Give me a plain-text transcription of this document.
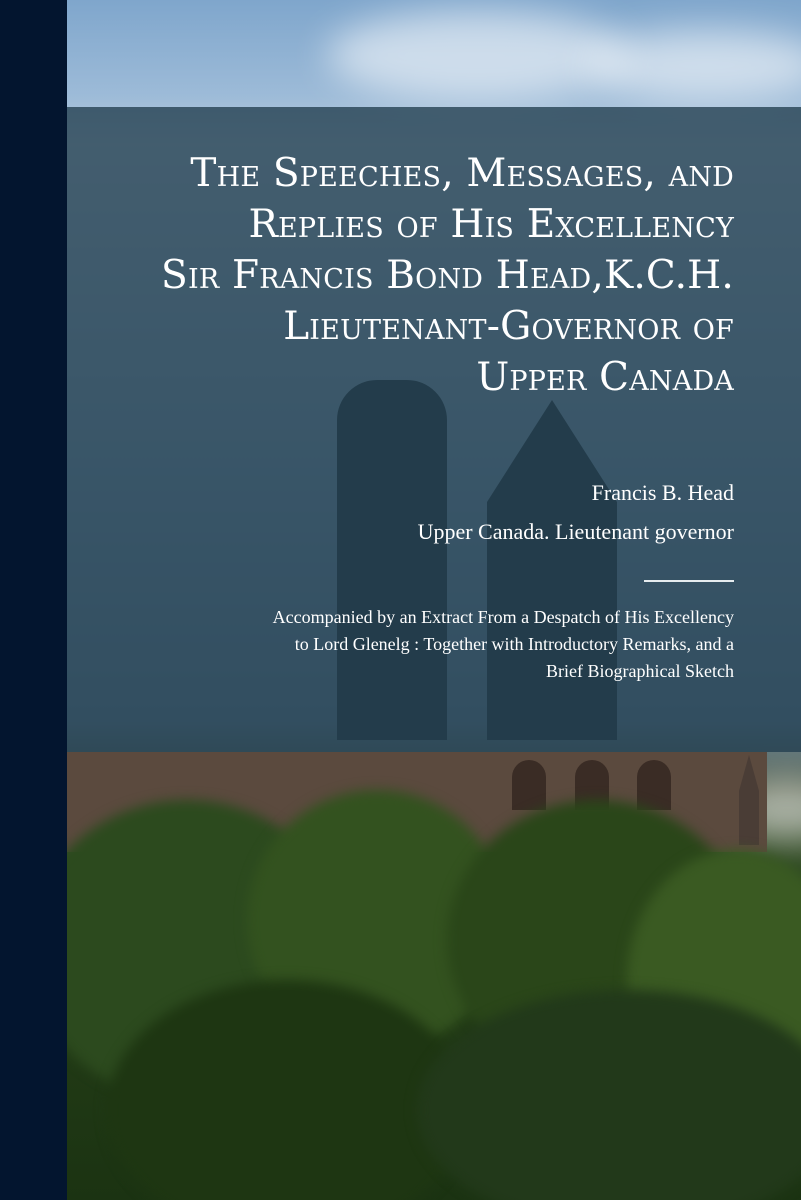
The Speeches, Messages, and
Replies of His Excellency
Sir Francis Bond Head,K.C.H.
Lieutenant-Governor of
Upper Canada
Francis B. Head
Upper Canada. Lieutenant governor
Accompanied by an Extract From a Despatch of His Excellency
to Lord Glenelg : Together with Introductory Remarks, and a
Brief Biographical Sketch
